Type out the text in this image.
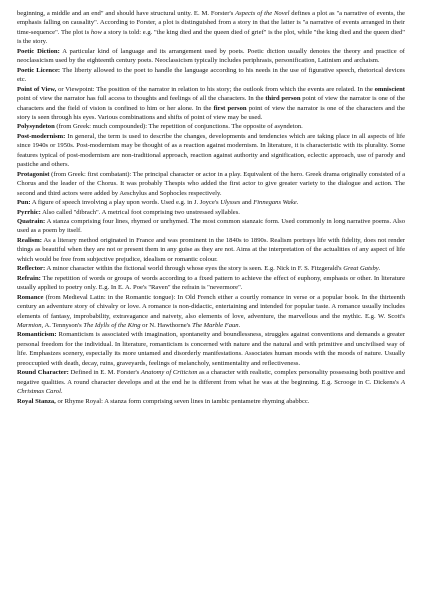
beginning, a middle and an end" and should have structural unity. E. M. Forster's Aspects of the Novel defines a plot as "a narrative of events, the emphasis falling on causality". According to Forster, a plot is distinguished from a story in that the latter is "a narrative of events arranged in their time-sequence". The plot is how a story is told: e.g. "the king died and the queen died of grief" is the plot, while "the king died and the queen died" is the story.

Poetic Diction: A particular kind of language and its arrangement used by poets. Poetic diction usually denotes the theory and practice of neoclassicism used by the eighteenth century poets. Neoclassicism typically includes periphrasis, personification, Latinism and archaism.

Poetic Licence: The liberty allowed to the poet to handle the language according to his needs in the use of figurative speech, rhetorical devices etc.

Point of View, or Viewpoint: The position of the narrator in relation to his story; the outlook from which the events are related. In the omniscient point of view the narrator has full access to thoughts and feelings of all the characters. In the third person point of view the narrator is one of the characters and the field of vision is confined to him or her alone. In the first person point of view the narrator is one of the characters and the story is seen through his eyes. Various combinations and shifts of point of view may be used.

Polysyndeton (from Greek: much compounded): The repetition of conjunctions. The opposite of asyndeton.

Post-modernism: In general, the term is used to describe the changes, developments and tendencies which are taking place in all aspects of life since 1940s or 1950s. Post-modernism may be thought of as a reaction against modernism. In literature, it is characteristic with its plurality. Some features typical of post-modernism are non-traditional approach, reaction against authority and signification, eclectic approach, use of parody and pastiche and others.

Protagonist (from Greek: first combatant): The principal character or actor in a play. Equivalent of the hero. Greek drama originally consisted of a Chorus and the leader of the Chorus. It was probably Thespis who added the first actor to give greater variety to the dialogue and action. The second and third actors were added by Aeschylus and Sophocles respectively.

Pun: A figure of speech involving a play upon words. Used e.g. in J. Joyce's Ulysses and Finnegans Wake.

Pyrrhic: Also called "dibrach". A metrical foot comprising two unstressed syllables.

Quatrain: A stanza comprising four lines, rhymed or unrhymed. The most common stanzaic form. Used commonly in long narrative poems. Also used as a poem by itself.

Realism: As a literary method originated in France and was prominent in the 1840s to 1890s. Realism portrays life with fidelity, does not render things as beautiful when they are not or present them in any guise as they are not. Aims at the interpretation of the actualities of any aspect of life which would be free from subjective prejudice, idealism or romantic colour.

Reflector: A minor character within the fictional world through whose eyes the story is seen. E.g. Nick in F. S. Fitzgerald's Great Gatsby.

Refrain: The repetition of words or groups of words according to a fixed pattern to achieve the effect of euphony, emphasis or other. In literature usually applied to poetry only. E.g. In E. A. Poe's "Raven" the refrain is "nevermore".

Romance (from Medieval Latin: in the Romantic tongue): In Old French either a courtly romance in verse or a popular book. In the thirteenth century an adventure story of chivalry or love. A romance is non-didactic, entertaining and intended for popular taste. A romance usually includes elements of fantasy, improbability, extravagance and naivety, also elements of love, adventure, the marvellous and the mythic. E.g. W. Scott's Marmion, A. Tennyson's The Idylls of the King or N. Hawthorne's The Marble Faun.

Romanticism: Romanticism is associated with imagination, spontaneity and boundlessness, struggles against conventions and demands a greater personal freedom for the individual. In literature, romanticism is concerned with nature and the natural and with primitive and uncivilised way of life. Emphasizes scenery, especially its more untamed and disorderly manifestations. Associates human moods with the moods of nature. Usually preoccupied with death, decay, ruins, graveyards, feelings of melancholy, sentimentality and reflectiveness.

Round Character: Defined in E. M. Forster's Anatomy of Criticism as a character with realistic, complex personality possessing both positive and negative qualities. A round character develops and at the end he is different from what he was at the beginning. E.g. Scrooge in C. Dickens's A Christmas Carol.

Royal Stanza, or Rhyme Royal: A stanza form comprising seven lines in iambic pentametre rhyming ababbcc.
